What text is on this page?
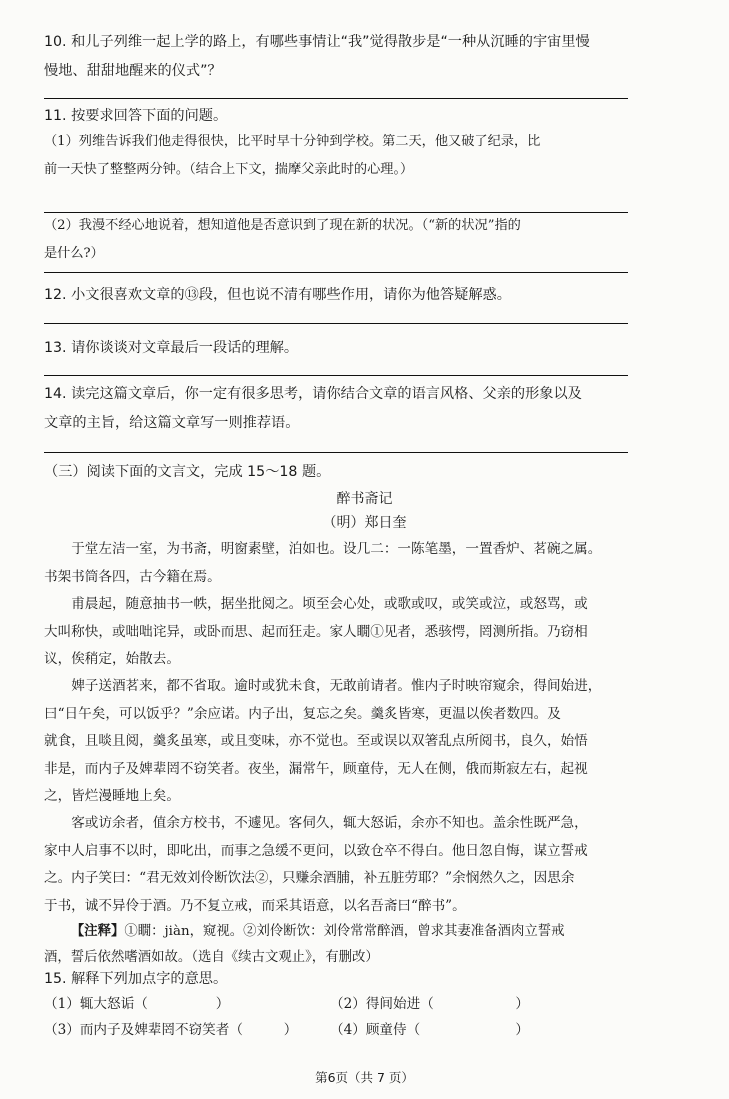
10. 和儿子列维一起上学的路上，有哪些事情让“我”觉得散步是“一种从沉睡的宇宙里慢

慢地、甜甜地醒来的仪式”？

11. 按要求回答下面的问题。

（1）列维告诉我们他走得很快，比平时早十分钟到学校。第二天，他又破了纪录，比

前一天快了整整两分钟。（结合上下文，揣摩父亲此时的心理。）

（2）我漫不经心地说着，想知道他是否意识到了现在新的状况。（“新的状况”指的

是什么?）

12. 小文很喜欢文章的⑬段，但也说不清有哪些作用，请你为他答疑解惑。

13. 请你谈谈对文章最后一段话的理解。

14. 读完这篇文章后，你一定有很多思考，请你结合文章的语言风格、父亲的形象以及

文章的主旨，给这篇文章写一则推荐语。

（三）阅读下面的文言文，完成 15～18 题。

醉书斋记
（明）郑日奎

于堂左洁一室，为书斋，明窗素壁，泊如也。设几二：一陈笔墨，一置香炉、茗碗之属。

书架书筒各四，古今籍在焉。

甫晨起，随意抽书一帙，据坐批阅之。顷至会心处，或歌或叹，或笑或泣，或怒骂，或

大叫称快，或咄咄诧异，或卧而思、起而狂走。家人瞯①见者，悉骇愕，罔测所指。乃窃相
议，俟稍定，始散去。

婢子送酒茗来，都不省取。逾时或犹未食，无敢前请者。惟内子时映帘窥余，得间始进，

曰“日午矣，可以饭乎？”余应诺。内子出，复忘之矣。羹炙皆寒，更温以俟者数四。及
就食，且啖且阅，羹炙虽寒，或且变味，亦不觉也。至或误以双箸乱点所阅书，良久，始悟
非是，而内子及婢辈罔不窃笑者。夜坐，漏常午，顾童侍，无人在侧，俄而斯寂左右，起视
之，皆烂漫睡地上矣。

客或访余者，值余方校书，不遽见。客伺久，辄大怒诟，余亦不知也。盖余性既严急，

家中人启事不以时，即叱出，而事之急缓不更问，以致仓卒不得白。他日忽自悔，谋立誓戒
之。内子笑曰：“君无效刘伶断饮法②，只赚余酒脯，补五脏劳耶？”余悯然久之，因思余
于书，诚不异伶于酒。乃不复立戒，而采其语意，以名吾斋曰“醉书”。

【注释】①瞯：jiàn，窥视。②刘伶断饮：刘伶常常醉酒，曾求其妻准备酒肉立誓戒

酒，誓后依然嗜酒如故。（选自《续古文观止》，有删改）

15. 解释下列加点字的意思。

（1）辄大怒诟（　　　　　）	（2）得间始进（　　　　　　）
（3）而内子及婢辈罔不窃笑者（　　　） （4）顾童侍（　　　　　　　）
第6页（共 7 页）
